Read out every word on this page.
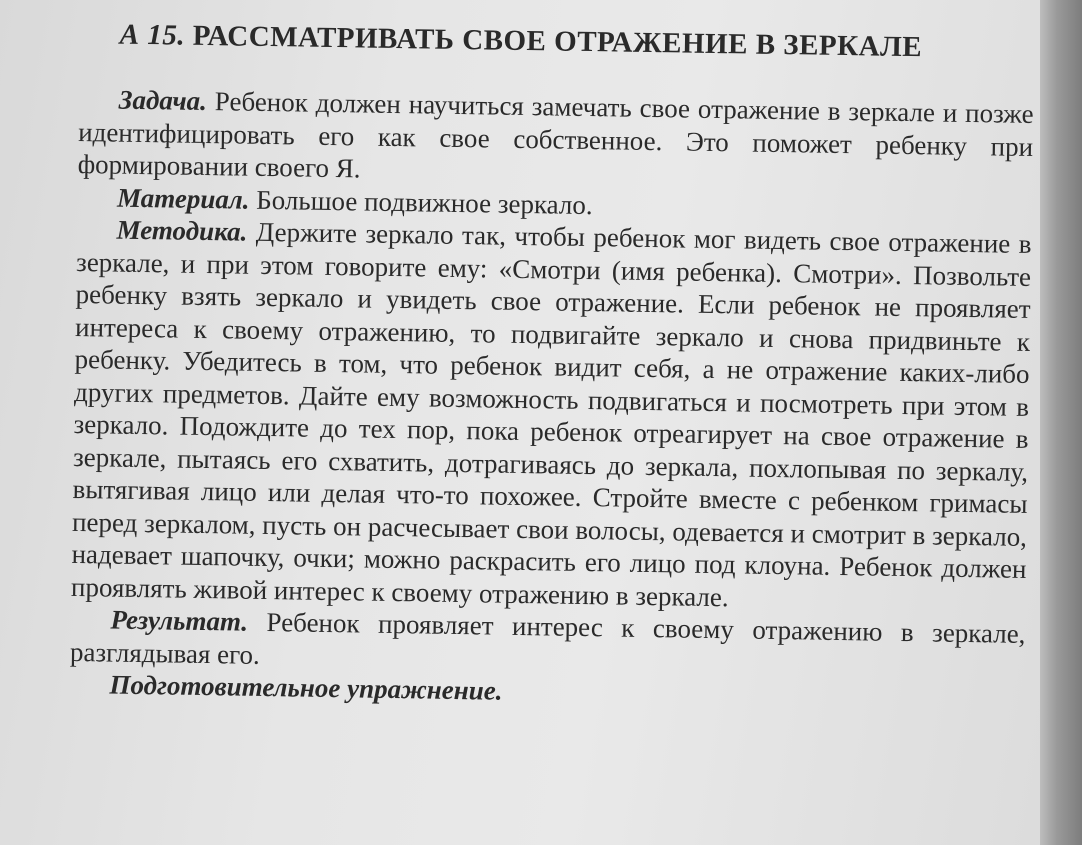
А 15. РАССМАТРИВАТЬ СВОЕ ОТРАЖЕНИЕ В ЗЕРКАЛЕ

Задача. Ребенок должен научиться замечать свое отражение в зеркале и позже идентифицировать его как свое собственное. Это поможет ребенку при формировании своего Я.

Материал. Большое подвижное зеркало.

Методика. Держите зеркало так, чтобы ребенок мог видеть свое отражение в зеркале, и при этом говорите ему: «Смотри (имя ребенка). Смотри». Позвольте ребенку взять зеркало и увидеть свое отражение. Если ребенок не проявляет интереса к своему отражению, то подвигайте зеркало и снова придвиньте к ребенку. Убедитесь в том, что ребенок видит себя, а не отражение каких-либо других предметов. Дайте ему возможность подвигаться и посмотреть при этом в зеркало. Подождите до тех пор, пока ребенок отреагирует на свое отражение в зеркале, пытаясь его схватить, дотрагиваясь до зеркала, похлопывая по зеркалу, вытягивая лицо или делая что-то похожее. Стройте вместе с ребенком гримасы перед зеркалом, пусть он расчесывает свои волосы, одевается и смотрит в зеркало, надевает шапочку, очки; можно раскрасить его лицо под клоуна. Ребенок должен проявлять живой интерес к своему отражению в зеркале.

Результат. Ребенок проявляет интерес к своему отражению в зеркале, разглядывая его.

Подготовительное упражнение.
